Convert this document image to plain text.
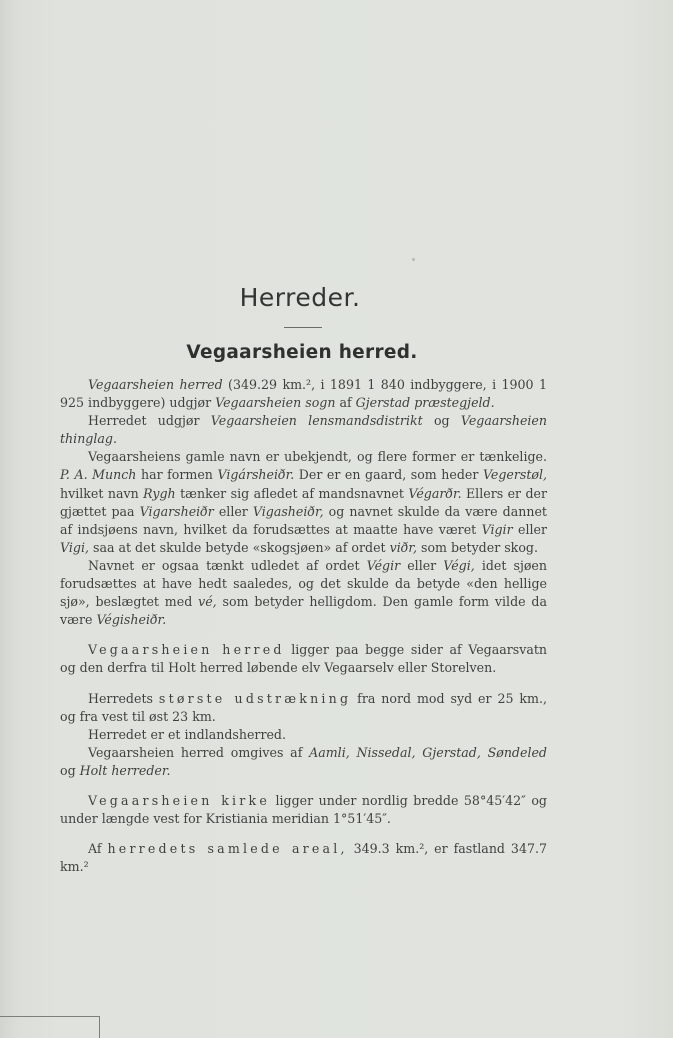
Herreder.
Vegaarsheien herred.

Vegaarsheien herred (349.29 km.², i 1891 1 840 indbyggere, i 1900 1 925 indbyggere) udgjør Vegaarsheien sogn af Gjerstad præstegjeld.

Herredet udgjør Vegaarsheien lensmandsdistrikt og Vegaarsheien thinglag.

Vegaarsheiens gamle navn er ubekjendt, og flere former er tænkelige. P. A. Munch har formen Vigársheiðr. Der er en gaard, som heder Vegerstøl, hvilket navn Rygh tænker sig afledet af mandsnavnet Végarðr. Ellers er der gjættet paa Vigarsheiðr eller Vigasheiðr, og navnet skulde da være dannet af indsjøens navn, hvilket da forudsættes at maatte have været Vigir eller Vigi, saa at det skulde betyde «skogsjøen» af ordet viðr, som betyder skog.

Navnet er ogsaa tænkt udledet af ordet Végir eller Végi, idet sjøen forudsættes at have hedt saaledes, og det skulde da betyde «den hellige sjø», beslægtet med vé, som betyder helligdom. Den gamle form vilde da være Végisheiðr.

Vegaarsheien herred ligger paa begge sider af Vegaarsvatn og den derfra til Holt herred løbende elv Vegaarselv eller Storelven.

Herredets største udstrækning fra nord mod syd er 25 km., og fra vest til øst 23 km.

Herredet er et indlandsherred.

Vegaarsheien herred omgives af Aamli, Nissedal, Gjerstad, Søndeled og Holt herreder.

Vegaarsheien kirke ligger under nordlig bredde 58°45′42″ og under længde vest for Kristiania meridian 1°51′45″.

Af herredets samlede areal, 349.3 km.², er fastland 347.7 km.²
